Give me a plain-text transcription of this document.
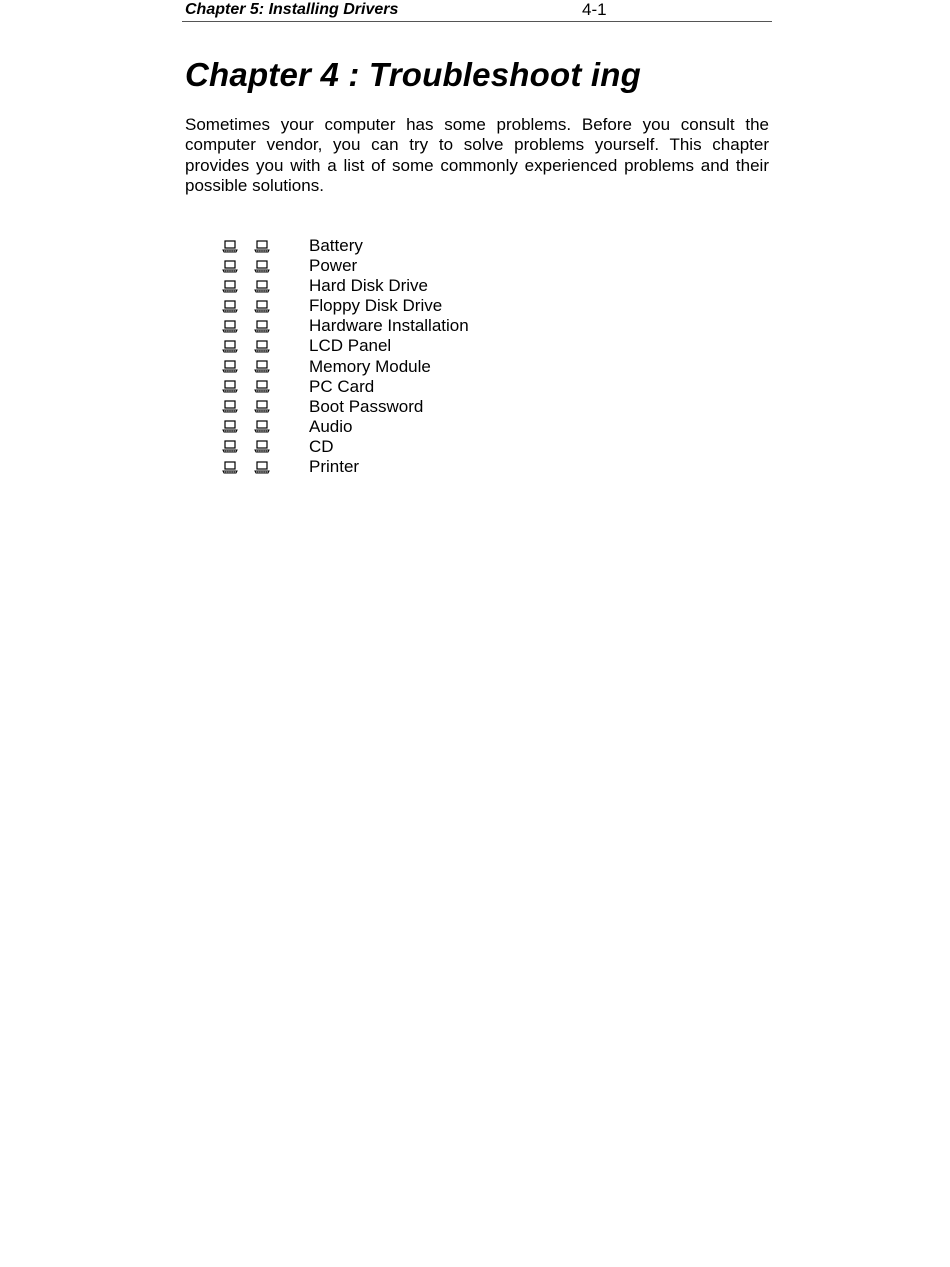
Chapter 5: Installing Drivers	4-1
Chapter 4 : Troubleshoot ing

Sometimes your computer has some problems. Before you consult the computer vendor, you can try to solve problems yourself. This chapter provides you with a list of some commonly experienced problems and their possible solutions.

Battery
Power
Hard Disk Drive
Floppy Disk Drive
Hardware Installation
LCD Panel
Memory Module
PC Card
Boot Password
Audio
CD
Printer
